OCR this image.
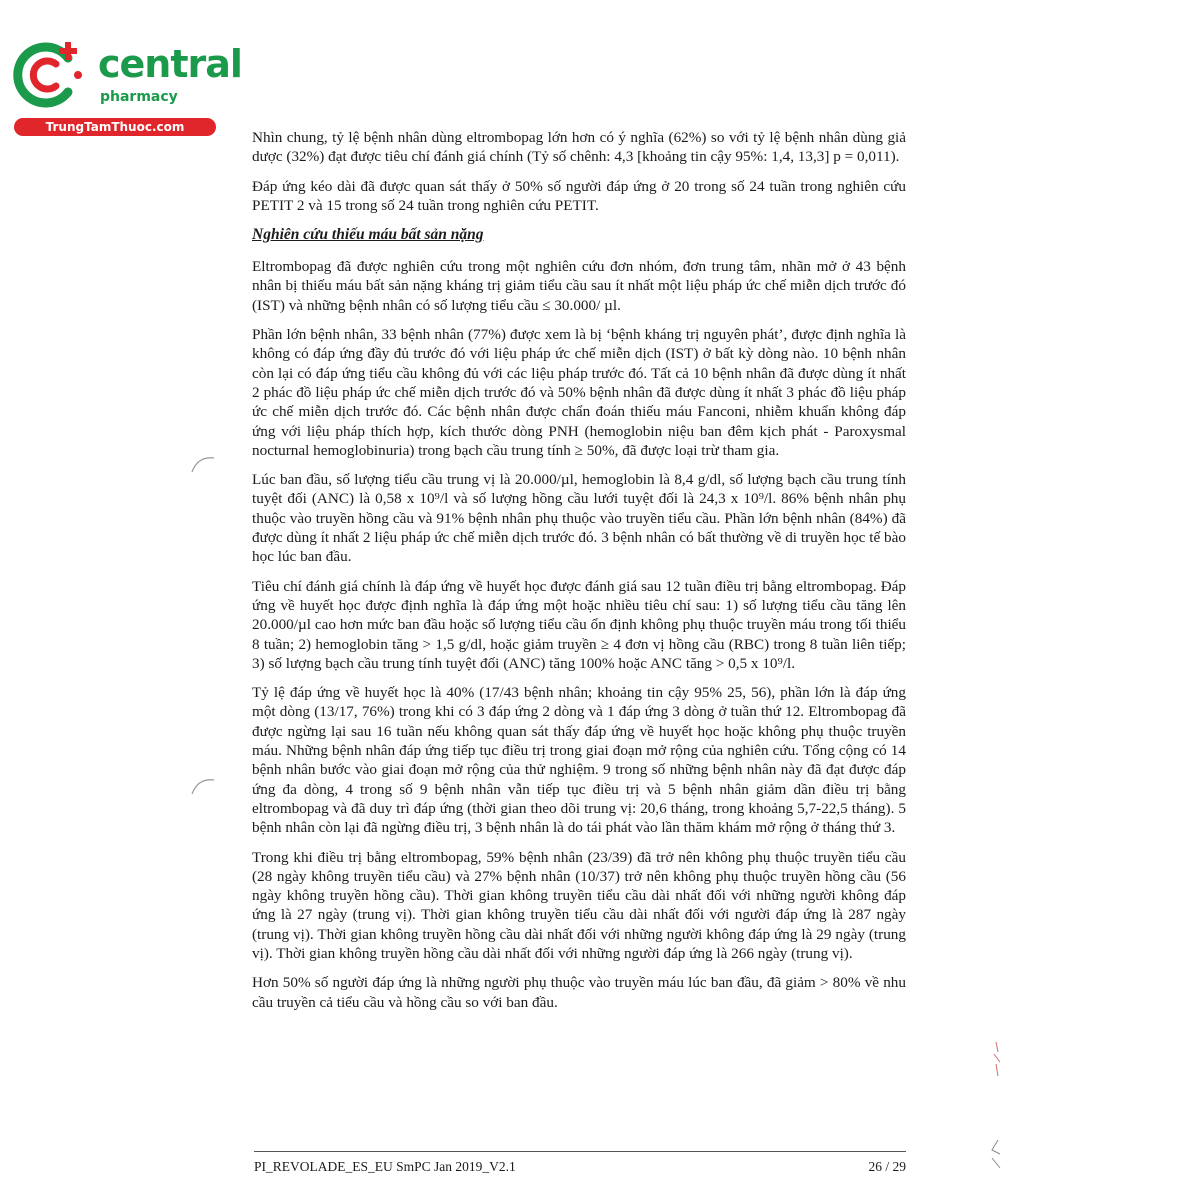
central
pharmacy
TrungTamThuoc.com

Nhìn chung, tỷ lệ bệnh nhân dùng eltrombopag lớn hơn có ý nghĩa (62%) so với tỷ lệ bệnh nhân dùng giả dược (32%) đạt được tiêu chí đánh giá chính (Tỷ số chênh: 4,3 [khoảng tin cậy 95%: 1,4, 13,3] p = 0,011).

Đáp ứng kéo dài đã được quan sát thấy ở 50% số người đáp ứng ở 20 trong số 24 tuần trong nghiên cứu PETIT 2 và 15 trong số 24 tuần trong nghiên cứu PETIT.

Nghiên cứu thiếu máu bất sản nặng

Eltrombopag đã được nghiên cứu trong một nghiên cứu đơn nhóm, đơn trung tâm, nhãn mở ở 43 bệnh nhân bị thiếu máu bất sản nặng kháng trị giảm tiểu cầu sau ít nhất một liệu pháp ức chế miễn dịch trước đó (IST) và những bệnh nhân có số lượng tiểu cầu ≤ 30.000/ µl.

Phần lớn bệnh nhân, 33 bệnh nhân (77%) được xem là bị ‘bệnh kháng trị nguyên phát’, được định nghĩa là không có đáp ứng đầy đủ trước đó với liệu pháp ức chế miễn dịch (IST) ở bất kỳ dòng nào. 10 bệnh nhân còn lại có đáp ứng tiểu cầu không đủ với các liệu pháp trước đó. Tất cả 10 bệnh nhân đã được dùng ít nhất 2 phác đồ liệu pháp ức chế miễn dịch trước đó và 50% bệnh nhân đã được dùng ít nhất 3 phác đồ liệu pháp ức chế miễn dịch trước đó. Các bệnh nhân được chẩn đoán thiếu máu Fanconi, nhiễm khuẩn không đáp ứng với liệu pháp thích hợp, kích thước dòng PNH (hemoglobin niệu ban đêm kịch phát - Paroxysmal nocturnal hemoglobinuria) trong bạch cầu trung tính ≥ 50%, đã được loại trừ tham gia.

Lúc ban đầu, số lượng tiểu cầu trung vị là 20.000/µl, hemoglobin là 8,4 g/dl, số lượng bạch cầu trung tính tuyệt đối (ANC) là 0,58 x 10⁹/l và số lượng hồng cầu lưới tuyệt đối là 24,3 x 10⁹/l. 86% bệnh nhân phụ thuộc vào truyền hồng cầu và 91% bệnh nhân phụ thuộc vào truyền tiểu cầu. Phần lớn bệnh nhân (84%) đã được dùng ít nhất 2 liệu pháp ức chế miễn dịch trước đó. 3 bệnh nhân có bất thường về di truyền học tế bào học lúc ban đầu.

Tiêu chí đánh giá chính là đáp ứng về huyết học được đánh giá sau 12 tuần điều trị bằng eltrombopag. Đáp ứng về huyết học được định nghĩa là đáp ứng một hoặc nhiều tiêu chí sau: 1) số lượng tiểu cầu tăng lên 20.000/µl cao hơn mức ban đầu hoặc số lượng tiểu cầu ổn định không phụ thuộc truyền máu trong tối thiểu 8 tuần; 2) hemoglobin tăng > 1,5 g/dl, hoặc giảm truyền ≥ 4 đơn vị hồng cầu (RBC) trong 8 tuần liên tiếp; 3) số lượng bạch cầu trung tính tuyệt đối (ANC) tăng 100% hoặc ANC tăng > 0,5 x 10⁹/l.

Tỷ lệ đáp ứng về huyết học là 40% (17/43 bệnh nhân; khoảng tin cậy 95% 25, 56), phần lớn là đáp ứng một dòng (13/17, 76%) trong khi có 3 đáp ứng 2 dòng và 1 đáp ứng 3 dòng ở tuần thứ 12. Eltrombopag đã được ngừng lại sau 16 tuần nếu không quan sát thấy đáp ứng về huyết học hoặc không phụ thuộc truyền máu. Những bệnh nhân đáp ứng tiếp tục điều trị trong giai đoạn mở rộng của nghiên cứu. Tổng cộng có 14 bệnh nhân bước vào giai đoạn mở rộng của thử nghiệm. 9 trong số những bệnh nhân này đã đạt được đáp ứng đa dòng, 4 trong số 9 bệnh nhân vẫn tiếp tục điều trị và 5 bệnh nhân giảm dần điều trị bằng eltrombopag và đã duy trì đáp ứng (thời gian theo dõi trung vị: 20,6 tháng, trong khoảng 5,7-22,5 tháng). 5 bệnh nhân còn lại đã ngừng điều trị, 3 bệnh nhân là do tái phát vào lần thăm khám mở rộng ở tháng thứ 3.

Trong khi điều trị bằng eltrombopag, 59% bệnh nhân (23/39) đã trở nên không phụ thuộc truyền tiểu cầu (28 ngày không truyền tiểu cầu) và 27% bệnh nhân (10/37) trở nên không phụ thuộc truyền hồng cầu (56 ngày không truyền hồng cầu). Thời gian không truyền tiểu cầu dài nhất đối với những người không đáp ứng là 27 ngày (trung vị). Thời gian không truyền tiểu cầu dài nhất đối với người đáp ứng là 287 ngày (trung vị). Thời gian không truyền hồng cầu dài nhất đối với những người không đáp ứng là 29 ngày (trung vị). Thời gian không truyền hồng cầu dài nhất đối với những người đáp ứng là 266 ngày (trung vị).

Hơn 50% số người đáp ứng là những người phụ thuộc vào truyền máu lúc ban đầu, đã giảm > 80% về nhu cầu truyền cả tiểu cầu và hồng cầu so với ban đầu.

PI_REVOLADE_ES_EU SmPC Jan 2019_V2.1	26 / 29
